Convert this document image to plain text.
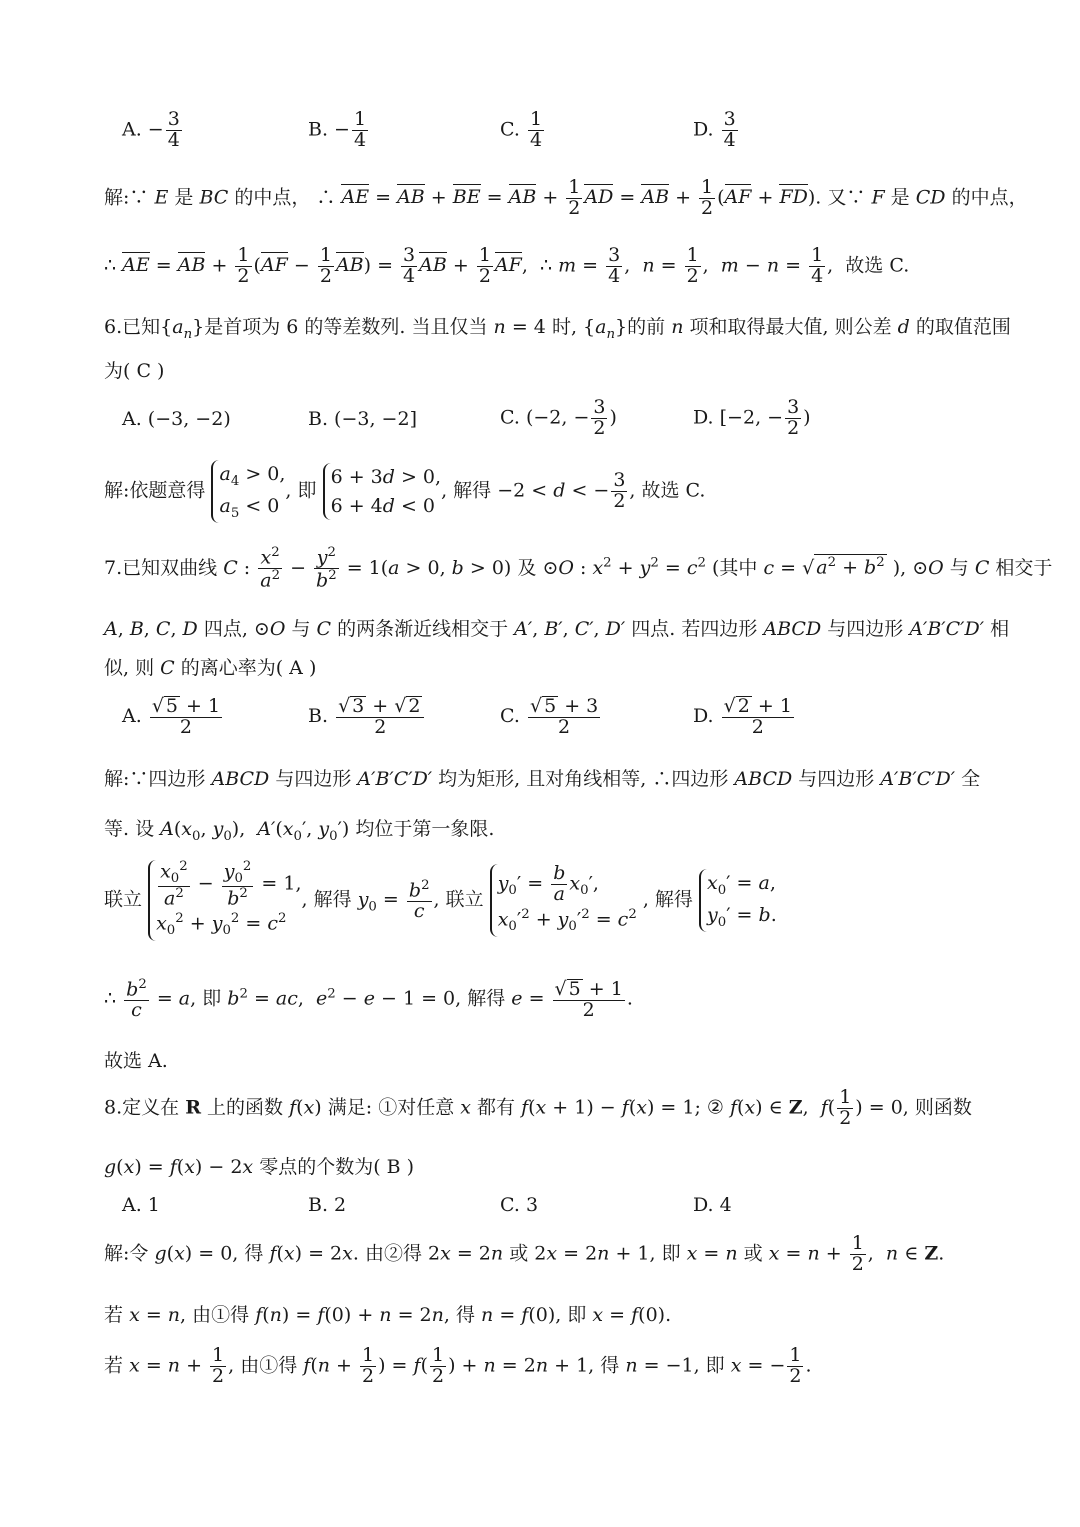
A. − $\frac{3}{4}$	B. − $\frac{1}{4}$	C. $\frac{1}{4}$	D. $\frac{3}{4}$
解:∵ E 是 BC 的中点， ∴ AE = AB + BE = AB + $\frac{1}{2}$ AD = AB + $\frac{1}{2} (AF + FD)$. 又∵ F 是 CD 的中点，
∴ AE = AB + $\frac{1}{2} (AF - \frac{1}{2} AB) = \frac{3}{4}$ AB + $\frac{1}{2}$ AF,  ∴ $m = \frac{3}{4}$ ,  $n = \frac{1}{2}$ ,  $m - n = \frac{1}{4}$ ,  故选 C.
6.已知$\{a_n\}$是首项为 6 的等差数列. 当且仅当 n = 4 时, $\{a_n\}$的前 n 项和取得最大值, 则公差 d 的取值范围
为( C )
A. (−3, −2)	B. (−3, −2]	C. (−2, − $\frac{3}{2}$ )	D. [−2, − $\frac{3}{2}$ )
解:依题意得
$a_4 > 0$,
$a_5 < 0$
, 即
6 + 3d > 0,
6 + 4d < 0
, 解得 −2 < d < − $\frac{3}{2}$ , 故选 C.
7.已知双曲线 C : $\frac{x^2}{a^2} - \frac{y^2}{b^2} = 1(a > 0$, b > 0) 及 ⊙O : $x^2 + y^2 = c^2$ (其中 c = √ $a^2 + b^2$ ), ⊙O 与 C 相交于
A, B, C, D 四点, ⊙O 与 C 的两条渐近线相交于 A′, B′, C′, D′ 四点. 若四边形 ABCD 与四边形 A′B′C′D′ 相
似, 则 C 的离心率为( A )
A. $\frac{√ 5 + 1}{2}$	B. $\frac{√ 3 + √ 2}{2}$	C. $\frac{√ 5 + 3}{2}$	D. $\frac{√ 2 + 1}{2}$
解:∵四边形 ABCD 与四边形 A′B′C′D′ 均为矩形, 且对角线相等, ∴四边形 ABCD 与四边形 A′B′C′D′ 全
等. 设 $A(x_0$, $y_0$),  $A'(x_0'$, $y_0'$) 均位于第一象限.
联立 $\frac{x_0^2}{a^2} - \frac{y_0^2}{b^2} = 1$,
$x_0^2 + y_0^2 = c^2$
, 解得 $y_0 = \frac{b^2}{c}$ , 联立
$y_0' = \frac{b}{a} x_0'$,
$x_0'^2 + y_0'^2 = c^2$
, 解得
$x_0' = a$,
$y_0' = b$.
∴ $\frac{b^2}{c} = a$, 即 $b^2$ = ac,  $e^2 - e - 1 = 0$, 解得 $e = \frac{√ 5 + 1}{2}$ .
故选 A.
8.定义在 R 上的函数 f(x) 满足: ①对任意 x 都有 f(x + 1) − f(x) = 1; ② f(x) ∈ Z,  $f( \frac{1}{2}$ ) = 0, 则函数
g(x) = f(x) − 2x 零点的个数为( B )
A. 1	B. 2	C. 3	D. 4
解:令 g(x) = 0, 得 f(x) = 2x. 由②得 2x = 2n 或 2x = 2n + 1, 即 x = n 或 $x = n + \frac{1}{2}$ ,  n ∈ Z.
若 x = n, 由①得 f(n) = f(0) + n = 2n, 得 n = f(0), 即 x = f(0).
若 $x = n + \frac{1}{2}$ , 由①得 $f(n + \frac{1}{2}$ ) = $f( \frac{1}{2}$ ) + n = 2n + 1, 得 n = −1, 即 x = − $\frac{1}{2}$ .
